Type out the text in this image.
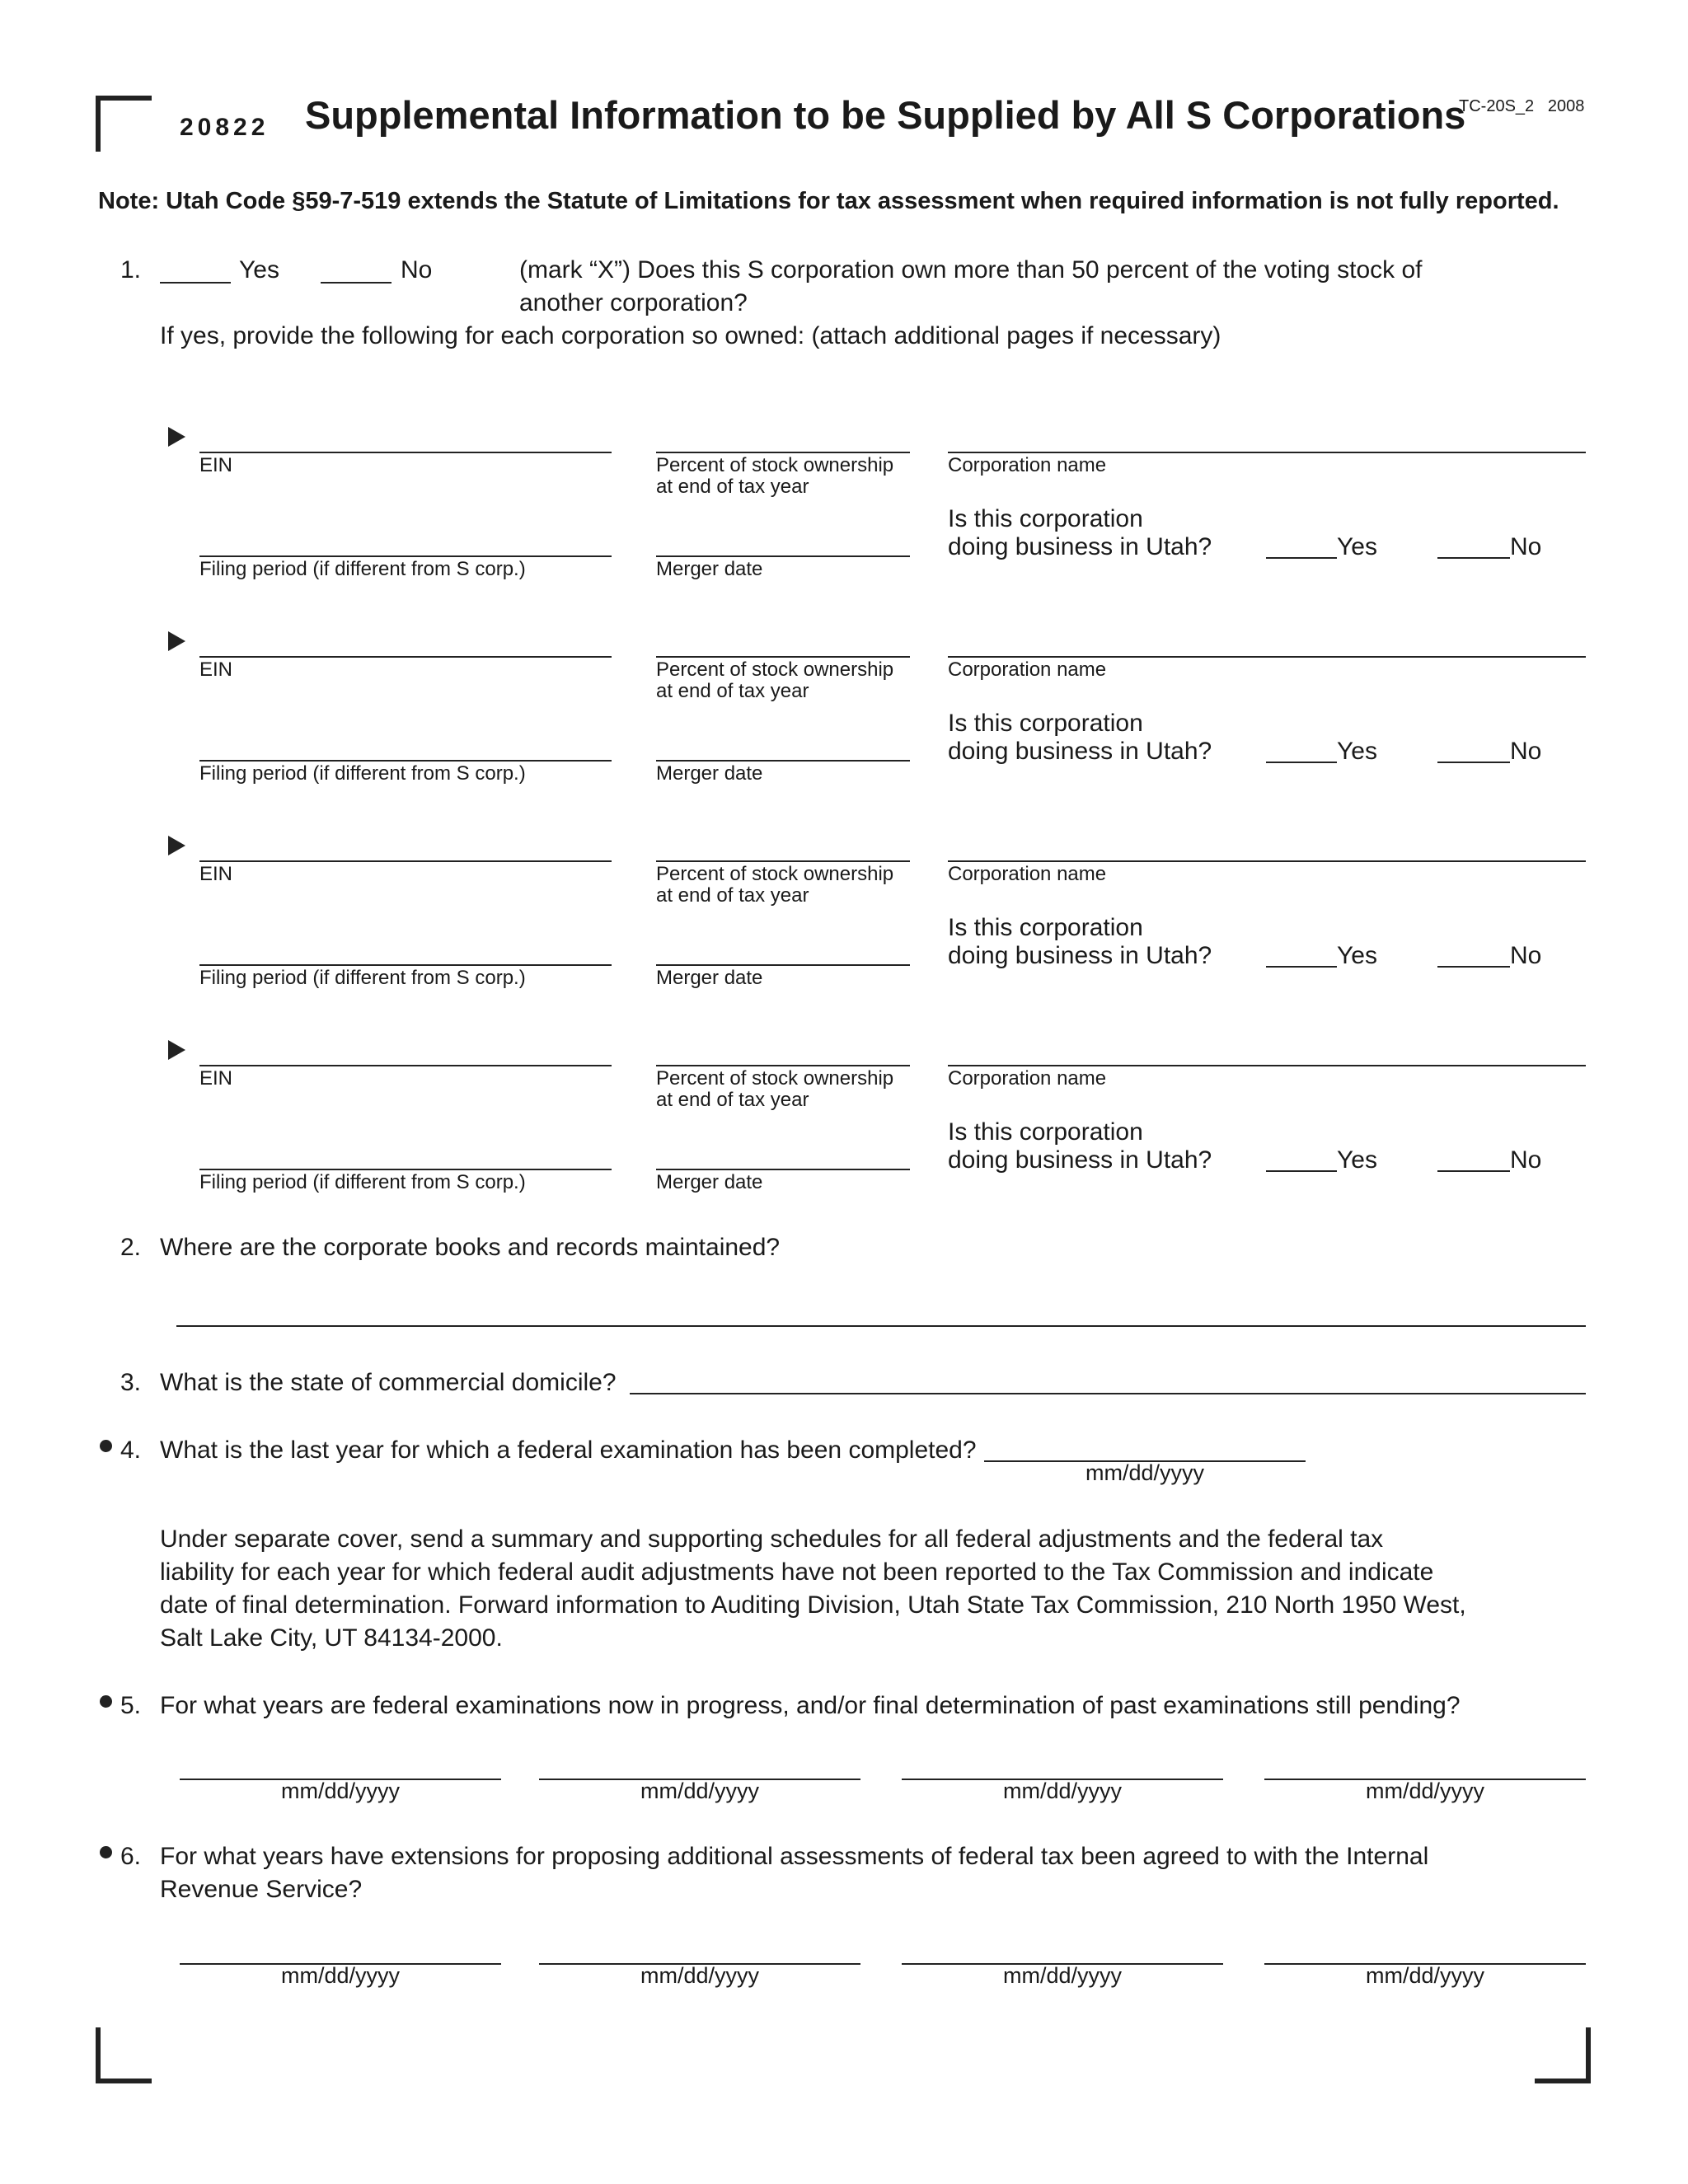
20822 Supplemental Information to be Supplied by All S Corporations
TC-20S_2 2008
Note: Utah Code §59-7-519 extends the Statute of Limitations for tax assessment when required information is not fully reported.
1.	Yes	No	(mark “X”) Does this S corporation own more than 50 percent of the voting stock of
another corporation?
If yes, provide the following for each corporation so owned: (attach additional pages if necessary)
EIN	Percent of stock ownership
at end of tax year
Corporation name
Is this corporation
doing business in Utah?	Yes	No
Filing period (if different from S corp.)	Merger date
EIN	Percent of stock ownership
at end of tax year
Corporation name
Is this corporation
doing business in Utah?	Yes	No
Filing period (if different from S corp.)	Merger date
EIN	Percent of stock ownership
at end of tax year
Corporation name
Is this corporation
doing business in Utah?	Yes	No
Filing period (if different from S corp.)	Merger date
EIN	Percent of stock ownership
at end of tax year
Corporation name
Is this corporation
doing business in Utah?	Yes	No
Filing period (if different from S corp.)	Merger date
2. Where are the corporate books and records maintained?
3. What is the state of commercial domicile?
4. What is the last year for which a federal examination has been completed?
mm/dd/yyyy
Under separate cover, send a summary and supporting schedules for all federal adjustments and the federal tax
liability for each year for which federal audit adjustments have not been reported to the Tax Commission and indicate
date of final determination. Forward information to Auditing Division, Utah State Tax Commission, 210 North 1950 West,
Salt Lake City, UT 84134-2000.
5. For what years are federal examinations now in progress, and/or final determination of past examinations still pending?
mm/dd/yyyy	mm/dd/yyyy	mm/dd/yyyy	mm/dd/yyyy
6. For what years have extensions for proposing additional assessments of federal tax been agreed to with the Internal
Revenue Service?
mm/dd/yyyy	mm/dd/yyyy	mm/dd/yyyy	mm/dd/yyyy
